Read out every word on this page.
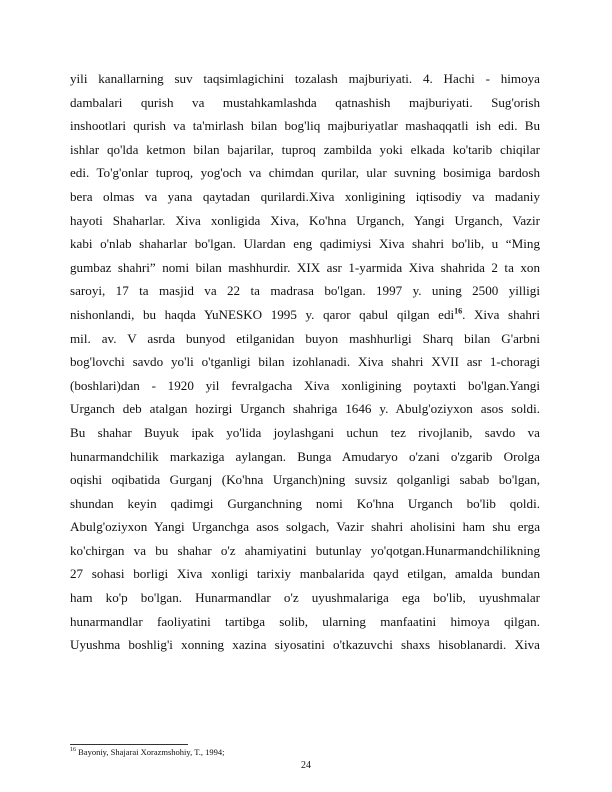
yili kanallarning suv taqsimlagichini tozalash majburiyati. 4. Hachi - himoya
dambalari qurish va mustahkamlashda qatnashish majburiyati. Sug'orish
inshootlari qurish va ta'mirlash bilan bog'liq majburiyatlar mashaqqatli ish edi. Bu
ishlar qo'lda ketmon bilan bajarilar, tuproq zambilda yoki elkada ko'tarib chiqilar
edi. To'g'onlar tuproq, yog'och va chimdan qurilar, ular suvning bosimiga bardosh
bera olmas va yana qaytadan qurilardi.Xiva xonligining iqtisodiy va madaniy
hayoti Shaharlar. Xiva xonligida Xiva, Ko'hna Urganch, Yangi Urganch, Vazir
kabi o'nlab shaharlar bo'lgan. Ulardan eng qadimiysi Xiva shahri bo'lib, u “Ming
gumbaz shahri” nomi bilan mashhurdir. XIX asr 1-yarmida Xiva shahrida 2 ta xon
saroyi, 17 ta masjid va 22 ta madrasa bo'lgan. 1997 y. uning 2500 yilligi
nishonlandi, bu haqda YuNESKO 1995 y. qaror qabul qilgan edi$^{16}$. Xiva shahri
mil. av. V asrda bunyod etilganidan buyon mashhurligi Sharq bilan G'arbni
bog'lovchi savdo yo'li o'tganligi bilan izohlanadi. Xiva shahri XVII asr 1-choragi
(boshlari)dan - 1920 yil fevralgacha Xiva xonligining poytaxti bo'lgan.Yangi
Urganch deb atalgan hozirgi Urganch shahriga 1646 y. Abulg'oziyxon asos soldi.
Bu shahar Buyuk ipak yo'lida joylashgani uchun tez rivojlanib, savdo va
hunarmandchilik markaziga aylangan. Bunga Amudaryo o'zani o'zgarib Orolga
oqishi oqibatida Gurganj (Ko'hna Urganch)ning suvsiz qolganligi sabab bo'lgan,
shundan keyin qadimgi Gurganchning nomi Ko'hna Urganch bo'lib qoldi.
Abulg'oziyxon Yangi Urganchga asos solgach, Vazir shahri aholisini ham shu erga
ko'chirgan va bu shahar o'z ahamiyatini butunlay yo'qotgan.Hunarmandchilikning
27 sohasi borligi Xiva xonligi tarixiy manbalarida qayd etilgan, amalda bundan
ham ko'p bo'lgan. Hunarmandlar o'z uyushmalariga ega bo'lib, uyushmalar
hunarmandlar faoliyatini tartibga solib, ularning manfaatini himoya qilgan.
Uyushma boshlig'i xonning xazina siyosatini o'tkazuvchi shaxs hisoblanardi. Xiva
$^{16}$ Bayoniy, Shajarai Xorazmshohiy, T., 1994;
24
